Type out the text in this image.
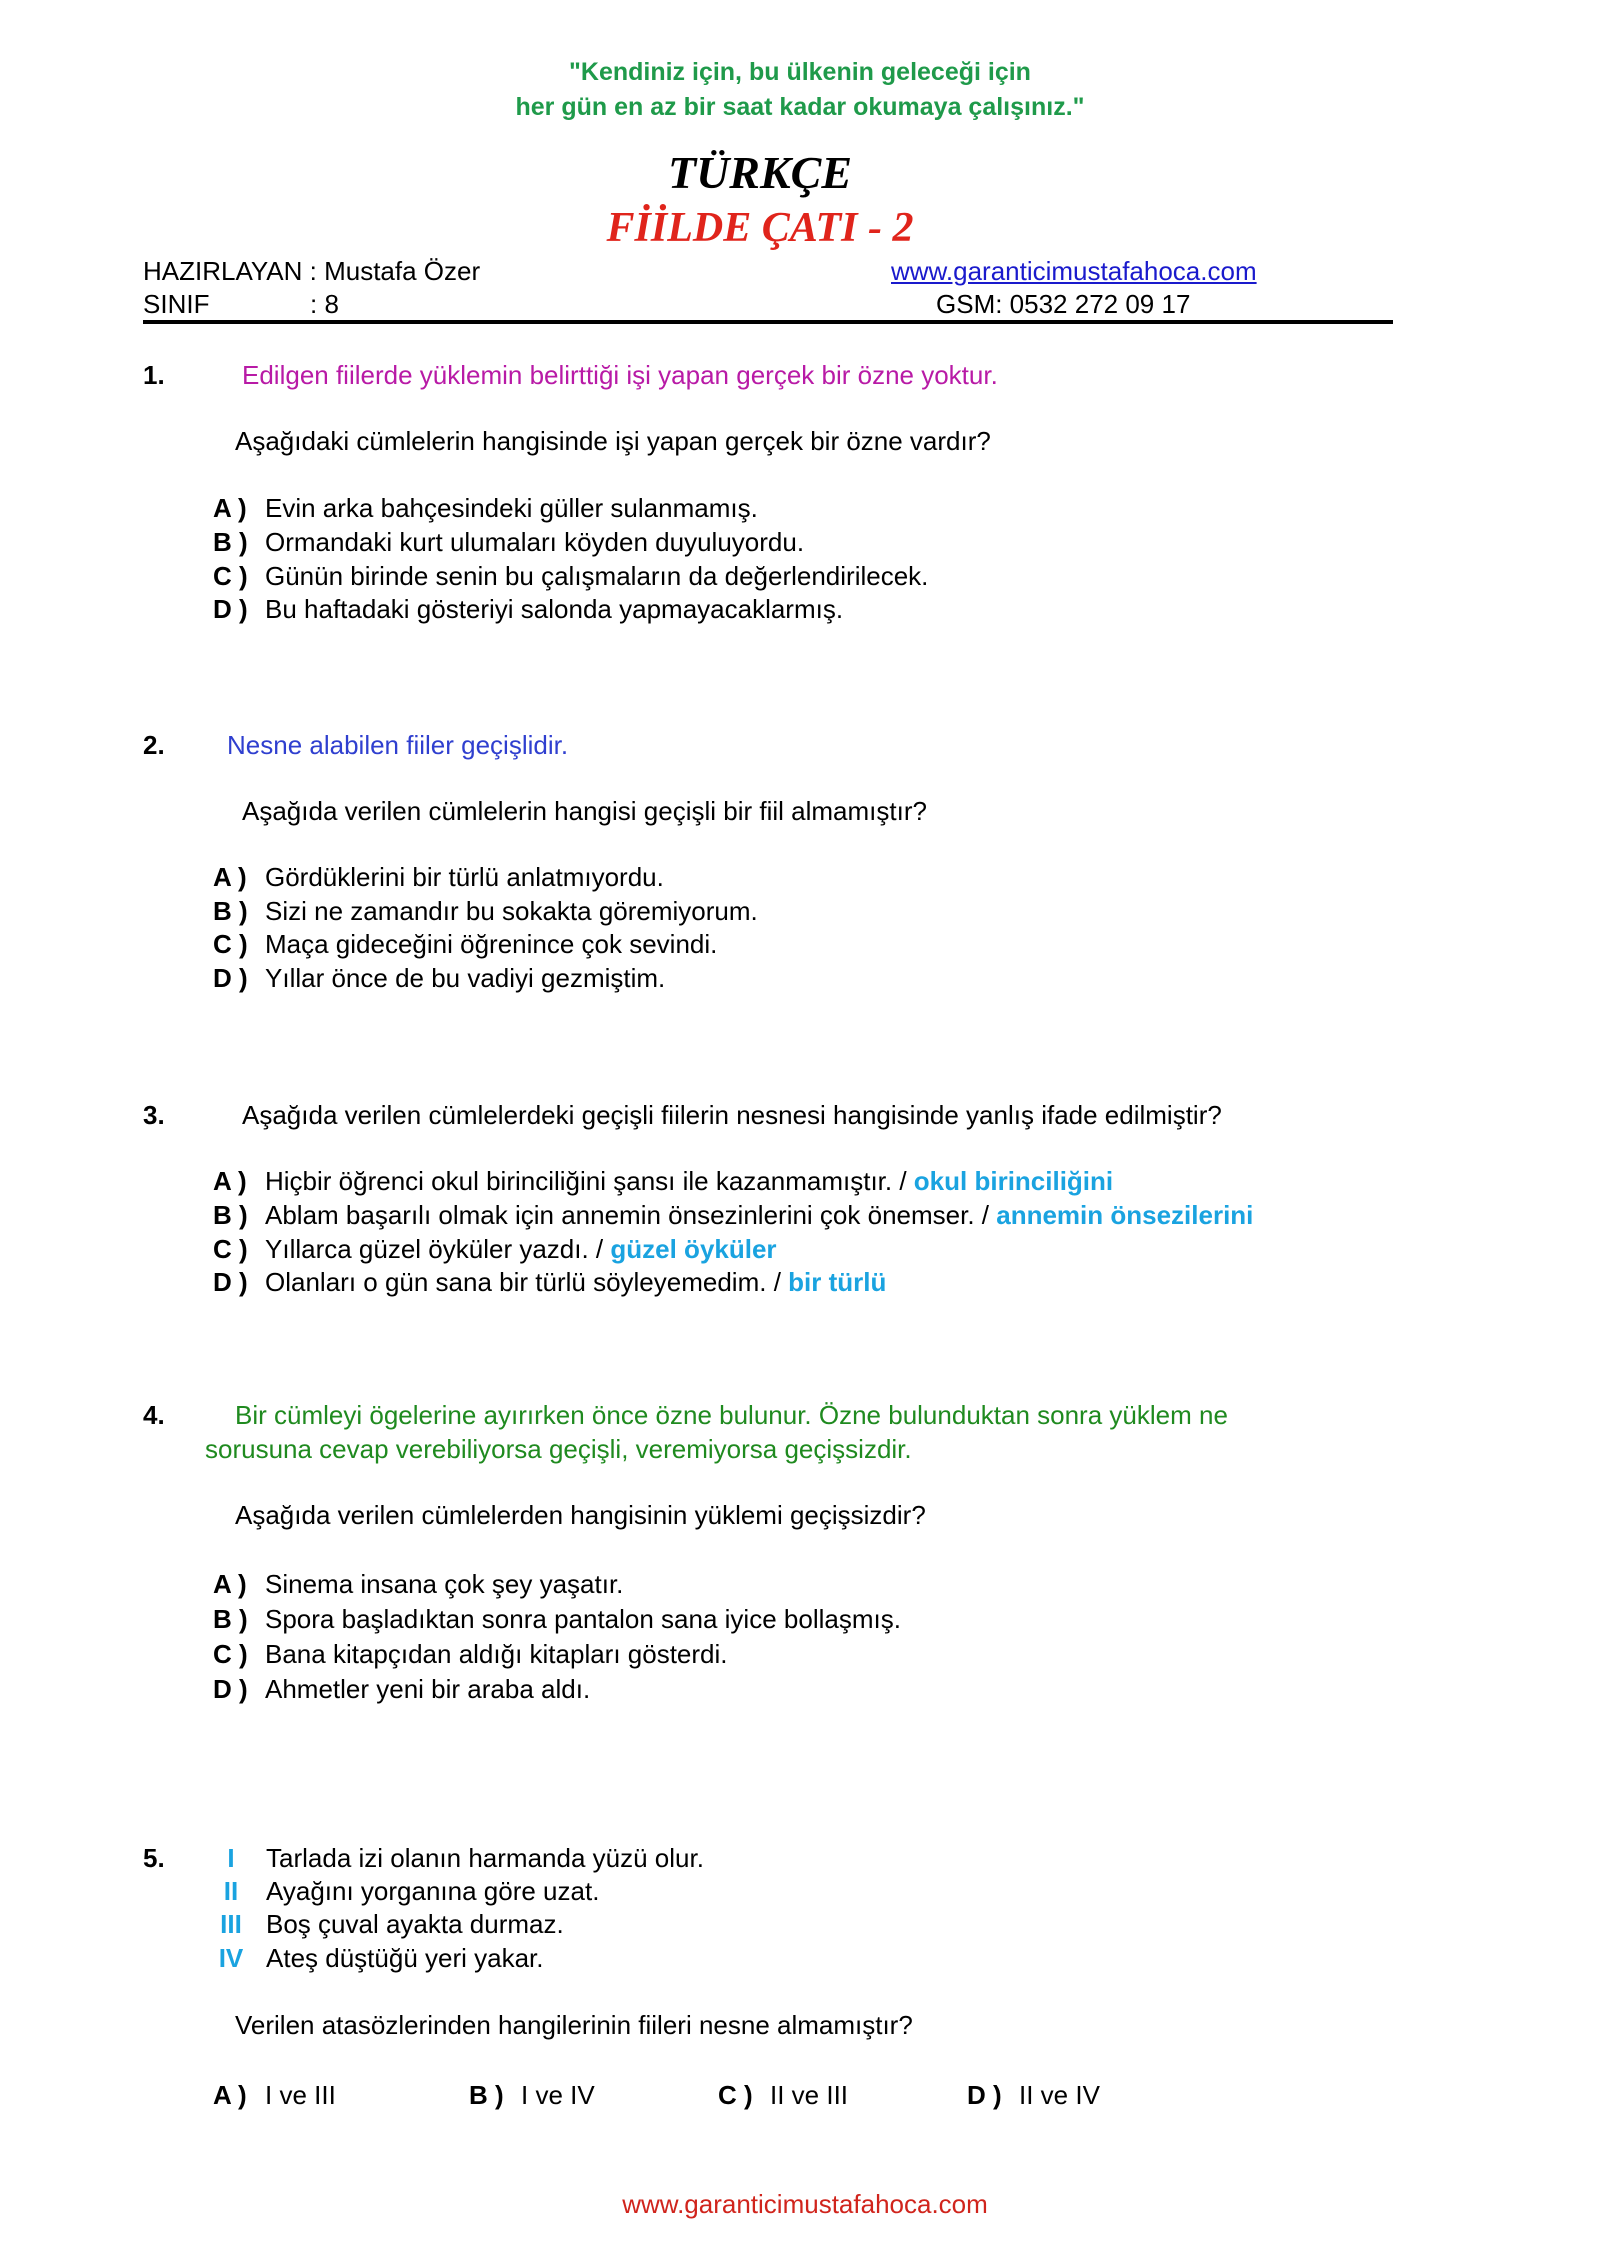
"Kendiniz için, bu ülkenin geleceği için
her gün en az bir saat kadar okumaya çalışınız."
TÜRKÇE
FİİLDE ÇATI - 2
HAZIRLAYAN : Mustafa Özer	www.garanticimustafahoca.com
SINIF	: 8	GSM: 0532 272 09 17
1.	Edilgen fiilerde yüklemin belirttiği işi yapan gerçek bir özne yoktur.
Aşağıdaki cümlelerin hangisinde işi yapan gerçek bir özne vardır?
A ) Evin arka bahçesindeki güller sulanmamış.
B ) Ormandaki kurt ulumaları köyden duyuluyordu.
C ) Günün birinde senin bu çalışmaların da değerlendirilecek.
D ) Bu haftadaki gösteriyi salonda yapmayacaklarmış.
2. Nesne alabilen fiiler geçişlidir.
Aşağıda verilen cümlelerin hangisi geçişli bir fiil almamıştır?
A ) Gördüklerini bir türlü anlatmıyordu.
B ) Sizi ne zamandır bu sokakta göremiyorum.
C ) Maça gideceğini öğrenince çok sevindi.
D ) Yıllar önce de bu vadiyi gezmiştim.
3.	Aşağıda verilen cümlelerdeki geçişli fiilerin nesnesi hangisinde yanlış ifade edilmiştir?
A ) Hiçbir öğrenci okul birinciliğini şansı ile kazanmamıştır. / okul birinciliğini
B ) Ablam başarılı olmak için annemin önsezinlerini çok önemser. / annemin önsezilerini
C ) Yıllarca güzel öyküler yazdı. / güzel öyküler
D ) Olanları o gün sana bir türlü söyleyemedim. / bir türlü
4.	Bir cümleyi ögelerine ayırırken önce özne bulunur. Özne bulunduktan sonra yüklem ne
sorusuna cevap verebiliyorsa geçişli, veremiyorsa geçişsizdir.
Aşağıda verilen cümlelerden hangisinin yüklemi geçişsizdir?
A ) Sinema insana çok şey yaşatır.
B ) Spora başladıktan sonra pantalon sana iyice bollaşmış.
C ) Bana kitapçıdan aldığı kitapları gösterdi.
D ) Ahmetler yeni bir araba aldı.
5.	I Tarlada izi olanın harmanda yüzü olur.
II Ayağını yorganına göre uzat.
III Boş çuval ayakta durmaz.
IV Ateş düştüğü yeri yakar.
Verilen atasözlerinden hangilerinin fiileri nesne almamıştır?
A ) I ve III	B ) I ve IV	C ) II ve III	D ) II ve IV
www.garanticimustafahoca.com
